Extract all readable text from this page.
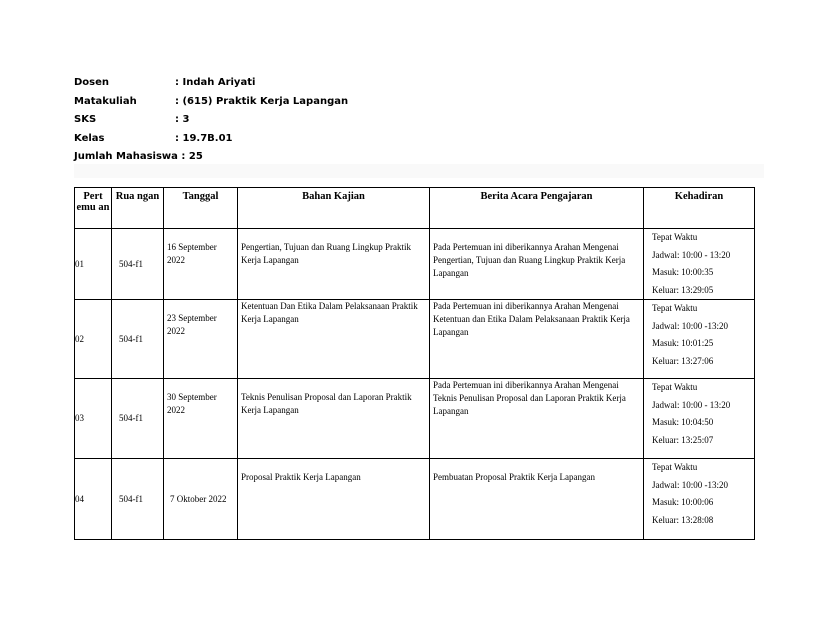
Dosen	: Indah Ariyati
Matakuliah	: (615) Praktik Kerja Lapangan
SKS	: 3
Kelas	: 19.7B.01
Jumlah Mahasiswa : 25
Pert emu an	Rua ngan	Tanggal	Bahan Kajian	Berita Acara Pengajaran	Kehadiran

01	504-f1	16 September 2022	Pengertian, Tujuan dan Ruang Lingkup Praktik Kerja Lapangan	Pada Pertemuan ini diberikannya Arahan Mengenai Pengertian, Tujuan dan Ruang Lingkup Praktik Kerja Lapangan	Tepat Waktu
Jadwal: 10:00 - 13:20
Masuk: 10:00:35
Keluar: 13:29:05

02	504-f1	23 September 2022	Ketentuan Dan Etika Dalam Pelaksanaan Praktik Kerja Lapangan	Pada Pertemuan ini diberikannya Arahan Mengenai Ketentuan dan Etika Dalam Pelaksanaan Praktik Kerja Lapangan	Tepat Waktu
Jadwal: 10:00 -13:20
Masuk: 10:01:25
Keluar: 13:27:06

03	504-f1	30 September 2022	Teknis Penulisan Proposal dan Laporan Praktik Kerja Lapangan	Pada Pertemuan ini diberikannya Arahan Mengenai Teknis Penulisan Proposal dan Laporan Praktik Kerja Lapangan	Tepat Waktu
Jadwal: 10:00 - 13:20
Masuk: 10:04:50
Keluar: 13:25:07

04	504-f1	7 Oktober 2022	Proposal Praktik Kerja Lapangan	Pembuatan Proposal Praktik Kerja Lapangan	Tepat Waktu
Jadwal: 10:00 -13:20
Masuk: 10:00:06
Keluar: 13:28:08
